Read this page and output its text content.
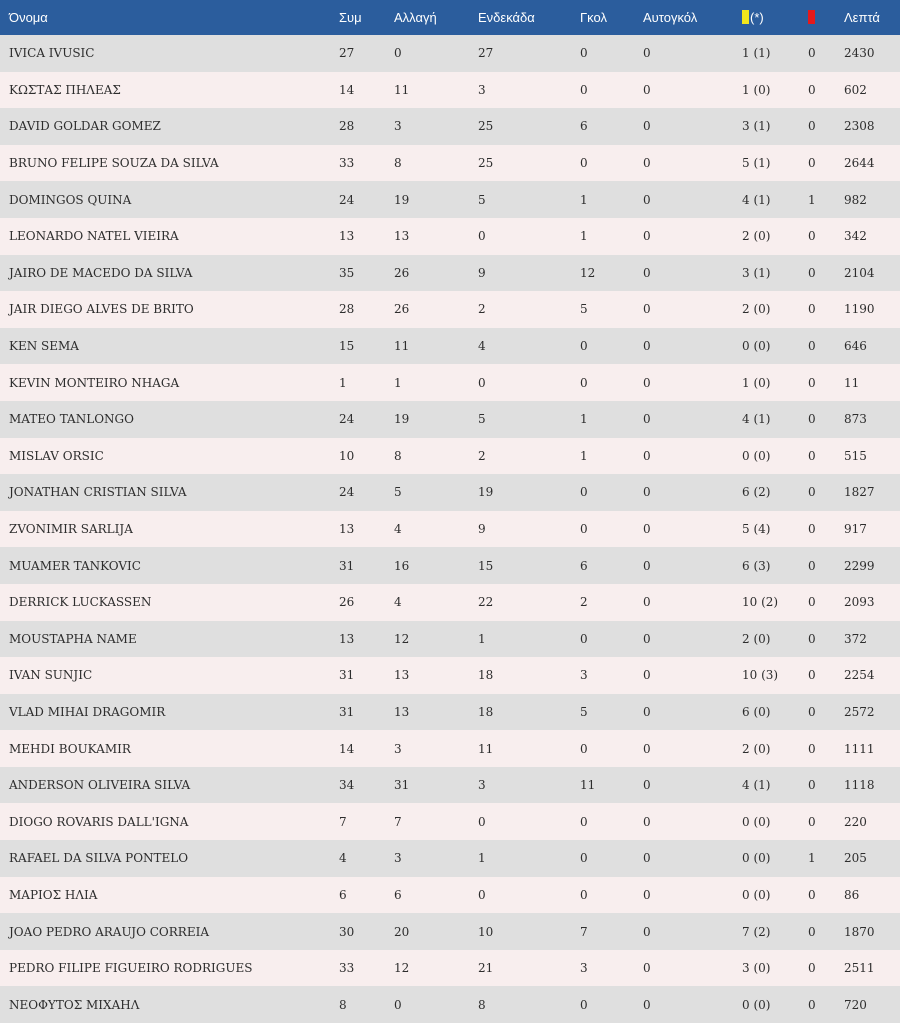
Όνομα	Συμ	Αλλαγή	Ενδεκάδα	Γκολ	Αυτογκόλ	(*)		Λεπτά
IVICA IVUSIC	27	0	27	0	0	1 (1)	0	2430
ΚΩΣΤΑΣ ΠΗΛΕΑΣ	14	11	3	0	0	1 (0)	0	602
DAVID GOLDAR GOMEZ	28	3	25	6	0	3 (1)	0	2308
BRUNO FELIPE SOUZA DA SILVA	33	8	25	0	0	5 (1)	0	2644
DOMINGOS QUINA	24	19	5	1	0	4 (1)	1	982
LEONARDO NATEL VIEIRA	13	13	0	1	0	2 (0)	0	342
JAIRO DE MACEDO DA SILVA	35	26	9	12	0	3 (1)	0	2104
JAIR DIEGO ALVES DE BRITO	28	26	2	5	0	2 (0)	0	1190
KEN SEMA	15	11	4	0	0	0 (0)	0	646
KEVIN MONTEIRO NHAGA	1	1	0	0	0	1 (0)	0	11
MATEO TANLONGO	24	19	5	1	0	4 (1)	0	873
MISLAV ORSIC	10	8	2	1	0	0 (0)	0	515
JONATHAN CRISTIAN SILVA	24	5	19	0	0	6 (2)	0	1827
ZVONIMIR SARLIJA	13	4	9	0	0	5 (4)	0	917
MUAMER TANKOVIC	31	16	15	6	0	6 (3)	0	2299
DERRICK LUCKASSEN	26	4	22	2	0	10 (2)	0	2093
MOUSTAPHA NAME	13	12	1	0	0	2 (0)	0	372
IVAN SUNJIC	31	13	18	3	0	10 (3)	0	2254
VLAD MIHAI DRAGOMIR	31	13	18	5	0	6 (0)	0	2572
MEHDI BOUKAMIR	14	3	11	0	0	2 (0)	0	1111
ANDERSON OLIVEIRA SILVA	34	31	3	11	0	4 (1)	0	1118
DIOGO ROVARIS DALL'IGNA	7	7	0	0	0	0 (0)	0	220
RAFAEL DA SILVA PONTELO	4	3	1	0	0	0 (0)	1	205
ΜΑΡΙΟΣ ΗΛΙΑ	6	6	0	0	0	0 (0)	0	86
JOAO PEDRO ARAUJO CORREIA	30	20	10	7	0	7 (2)	0	1870
PEDRO FILIPE FIGUEIRO RODRIGUES	33	12	21	3	0	3 (0)	0	2511
ΝΕΟΦΥΤΟΣ ΜΙΧΑΗΛ	8	0	8	0	0	0 (0)	0	720
